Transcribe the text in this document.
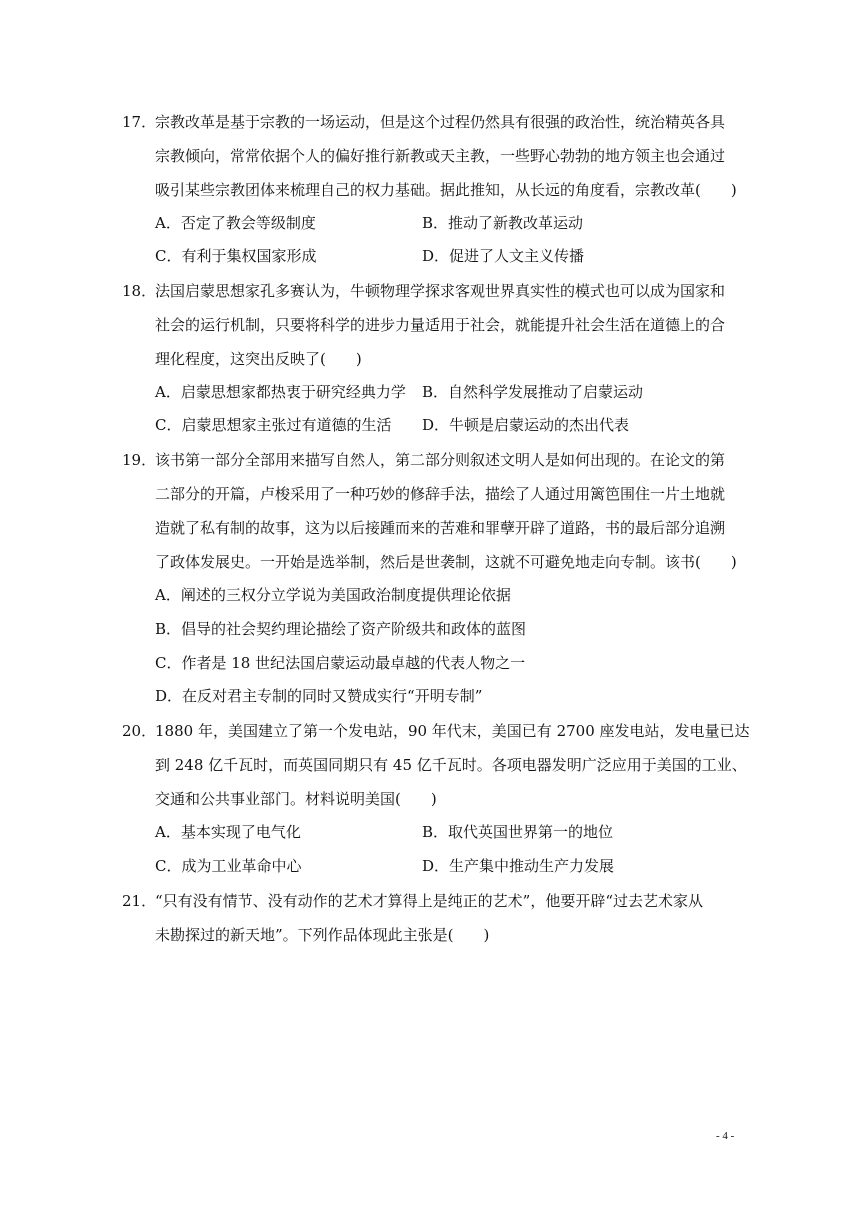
17．
宗教改革是基于宗教的一场运动，但是这个过程仍然具有很强的政治性，统治精英各具
宗教倾向，常常依据个人的偏好推行新教或天主教，一些野心勃勃的地方领主也会通过
吸引某些宗教团体来梳理自己的权力基础。据此推知，从长远的角度看，宗教改革(　　)
A．否定了教会等级制度	B．推动了新教改革运动
C．有利于集权国家形成	D．促进了人文主义传播
18．
法国启蒙思想家孔多赛认为，牛顿物理学探求客观世界真实性的模式也可以成为国家和
社会的运行机制，只要将科学的进步力量适用于社会，就能提升社会生活在道德上的合
理化程度，这突出反映了(　　)
A．启蒙思想家都热衷于研究经典力学 B．自然科学发展推动了启蒙运动
C．启蒙思想家主张过有道德的生活 D．牛顿是启蒙运动的杰出代表
19．
该书第一部分全部用来描写自然人，第二部分则叙述文明人是如何出现的。在论文的第
二部分的开篇，卢梭采用了一种巧妙的修辞手法，描绘了人通过用篱笆围住一片土地就
造就了私有制的故事，这为以后接踵而来的苦难和罪孽开辟了道路，书的最后部分追溯
了政体发展史。一开始是选举制，然后是世袭制，这就不可避免地走向专制。该书(　　)
A．阐述的三权分立学说为美国政治制度提供理论依据
B．倡导的社会契约理论描绘了资产阶级共和政体的蓝图
C．作者是 18 世纪法国启蒙运动最卓越的代表人物之一
D．在反对君主专制的同时又赞成实行“开明专制”
20．
1880 年，美国建立了第一个发电站，90 年代末，美国已有 2700 座发电站，发电量已达
到 248 亿千瓦时，而英国同期只有 45 亿千瓦时。各项电器发明广泛应用于美国的工业、
交通和公共事业部门。材料说明美国(　　)
A．基本实现了电气化	B．取代英国世界第一的地位
C．成为工业革命中心	D．生产集中推动生产力发展
21．
“只有没有情节、没有动作的艺术才算得上是纯正的艺术”，他要开辟“过去艺术家从
未勘探过的新天地”。下列作品体现此主张是(　　)
- 4 -
